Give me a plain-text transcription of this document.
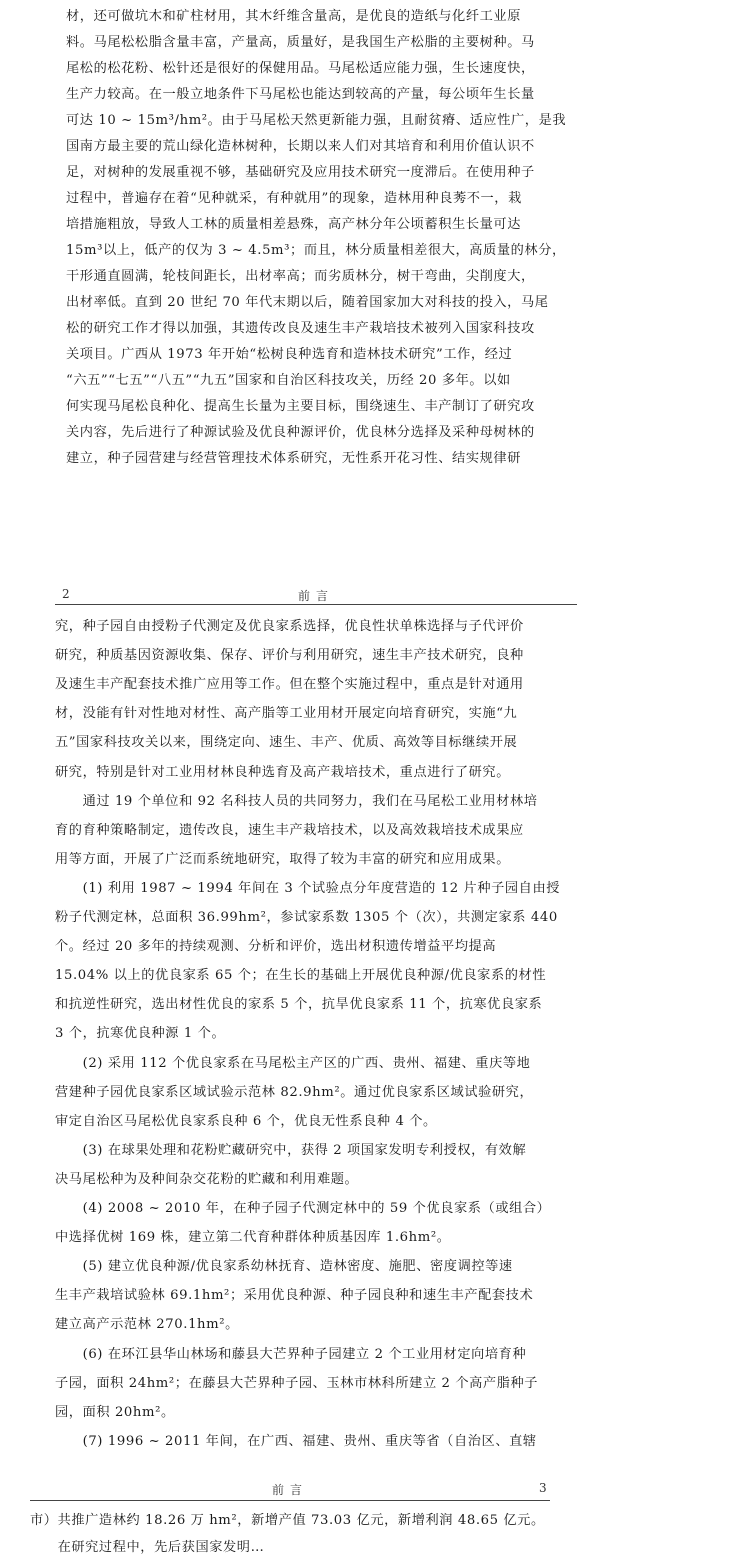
材，还可做坑木和矿柱材用，其木纤维含量高，是优良的造纸与化纤工业原
料。马尾松松脂含量丰富，产量高，质量好，是我国生产松脂的主要树种。马
尾松的松花粉、松针还是很好的保健用品。马尾松适应能力强，生长速度快，
生产力较高。在一般立地条件下马尾松也能达到较高的产量，每公顷年生长量
可达 10 ~ 15m³/hm²。由于马尾松天然更新能力强，且耐贫瘠、适应性广，是我
国南方最主要的荒山绿化造林树种，长期以来人们对其培育和利用价值认识不
足，对树种的发展重视不够，基础研究及应用技术研究一度滞后。在使用种子
过程中，普遍存在着“见种就采，有种就用”的现象，造林用种良莠不一，栽
培措施粗放，导致人工林的质量相差悬殊，高产林分年公顷蓄积生长量可达
15m³以上，低产的仅为 3 ~ 4.5m³；而且，林分质量相差很大，高质量的林分，
干形通直圆满，轮枝间距长，出材率高；而劣质林分，树干弯曲，尖削度大，
出材率低。直到 20 世纪 70 年代末期以后，随着国家加大对科技的投入，马尾
松的研究工作才得以加强，其遗传改良及速生丰产栽培技术被列入国家科技攻
关项目。广西从 1973 年开始“松树良种选育和造林技术研究”工作，经过
“六五”“七五”“八五”“九五”国家和自治区科技攻关，历经 20 多年。以如
何实现马尾松良种化、提高生长量为主要目标，围绕速生、丰产制订了研究攻
关内容，先后进行了种源试验及优良种源评价，优良林分选择及采种母树林的
建立，种子园营建与经营管理技术体系研究，无性系开花习性、结实规律研
2	前言
究，种子园自由授粉子代测定及优良家系选择，优良性状单株选择与子代评价
研究，种质基因资源收集、保存、评价与利用研究，速生丰产技术研究，良种
及速生丰产配套技术推广应用等工作。但在整个实施过程中，重点是针对通用
材，没能有针对性地对材性、高产脂等工业用材开展定向培育研究，实施“九
五”国家科技攻关以来，围绕定向、速生、丰产、优质、高效等目标继续开展
研究，特别是针对工业用材林良种选育及高产栽培技术，重点进行了研究。
　　通过 19 个单位和 92 名科技人员的共同努力，我们在马尾松工业用材林培
育的育种策略制定，遗传改良，速生丰产栽培技术，以及高效栽培技术成果应
用等方面，开展了广泛而系统地研究，取得了较为丰富的研究和应用成果。
　　(1) 利用 1987 ~ 1994 年间在 3 个试验点分年度营造的 12 片种子园自由授
粉子代测定林，总面积 36.99hm²，参试家系数 1305 个（次），共测定家系 440
个。经过 20 多年的持续观测、分析和评价，选出材积遗传增益平均提高
15.04% 以上的优良家系 65 个；在生长的基础上开展优良种源/优良家系的材性
和抗逆性研究，选出材性优良的家系 5 个，抗旱优良家系 11 个，抗寒优良家系
3 个，抗寒优良种源 1 个。
　　(2) 采用 112 个优良家系在马尾松主产区的广西、贵州、福建、重庆等地
营建种子园优良家系区域试验示范林 82.9hm²。通过优良家系区域试验研究，
审定自治区马尾松优良家系良种 6 个，优良无性系良种 4 个。
　　(3) 在球果处理和花粉贮藏研究中，获得 2 项国家发明专利授权，有效解
决马尾松种为及种间杂交花粉的贮藏和利用难题。
　　(4) 2008 ~ 2010 年，在种子园子代测定林中的 59 个优良家系（或组合）
中选择优树 169 株，建立第二代育种群体种质基因库 1.6hm²。
　　(5) 建立优良种源/优良家系幼林抚育、造林密度、施肥、密度调控等速
生丰产栽培试验林 69.1hm²；采用优良种源、种子园良种和速生丰产配套技术
建立高产示范林 270.1hm²。
　　(6) 在环江县华山林场和藤县大芒界种子园建立 2 个工业用材定向培育种
子园，面积 24hm²；在藤县大芒界种子园、玉林市林科所建立 2 个高产脂种子
园，面积 20hm²。
　　(7) 1996 ~ 2011 年间，在广西、福建、贵州、重庆等省（自治区、直辖
前言	3
市）共推广造林约 18.26 万 hm²，新增产值 73.03 亿元，新增利润 48.65 亿元。
　　在研究过程中，先后获国家发明…
